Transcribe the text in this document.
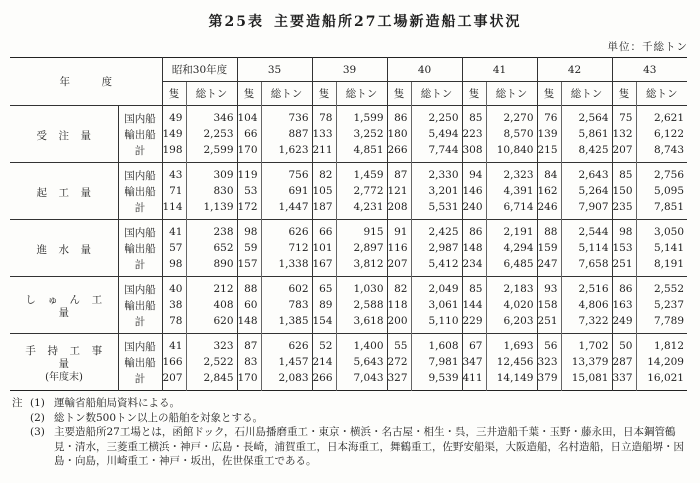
第25表 主要造船所27工場新造船工事状況
単位：千総トン
年度		昭和30年度		35		39		40		41		42		43	
		隻	総トン	隻	総トン	隻	総トン	隻	総トン	隻	総トン	隻	総トン	隻	総トン
受注量	国内船	49	346	104	736	78	1,599	86	2,250	85	2,270	76	2,564	75	2,621
	輸出船	149	2,253	66	887	133	3,252	180	5,494	223	8,570	139	5,861	132	6,122
	計	198	2,599	170	1,623	211	4,851	266	7,744	308	10,840	215	8,425	207	8,743
起工量	国内船	43	309	119	756	82	1,459	87	2,330	94	2,323	84	2,643	85	2,756
	輸出船	71	830	53	691	105	2,772	121	3,201	146	4,391	162	5,264	150	5,095
	計	114	1,139	172	1,447	187	4,231	208	5,531	240	6,714	246	7,907	235	7,851
進水量	国内船	41	238	98	626	66	915	91	2,425	86	2,191	88	2,544	98	3,050
	輸出船	57	652	59	712	101	2,897	116	2,987	148	4,294	159	5,114	153	5,141
	計	98	890	157	1,338	167	3,812	207	5,412	234	6,485	247	7,658	251	8,191
しゅん工量	国内船	40	212	88	602	65	1,030	82	2,049	85	2,183	93	2,516	86	2,552
	輸出船	38	408	60	783	89	2,588	118	3,061	144	4,020	158	4,806	163	5,237
	計	78	620	148	1,385	154	3,618	200	5,110	229	6,203	251	7,322	249	7,789
手持工事量
(年度末)	国内船	41	323	87	626	52	1,400	55	1,608	67	1,693	56	1,702	50	1,812
	輸出船	166	2,522	83	1,457	214	5,643	272	7,981	347	12,456	323	13,379	287	14,209
	計	207	2,845	170	2,083	266	7,043	327	9,539	411	14,149	379	15,081	337	16,021
注 (1) 運輸省船舶局資料による。
(2) 総トン数500トン以上の船舶を対象とする。
(3) 主要造船所27工場とは，函館ドック，石川島播磨重工・東京・横浜・名古屋・相生・呉，三井造船千葉・玉野・藤永田，日本鋼管鶴見・清水，三菱重工横浜・神戸・広島・長崎，浦賀重工，日本海重工，舞鶴重工，佐野安船渠，大阪造船，名村造船，日立造船堺・因島・向島，川崎重工・神戸・坂出，佐世保重工である。
